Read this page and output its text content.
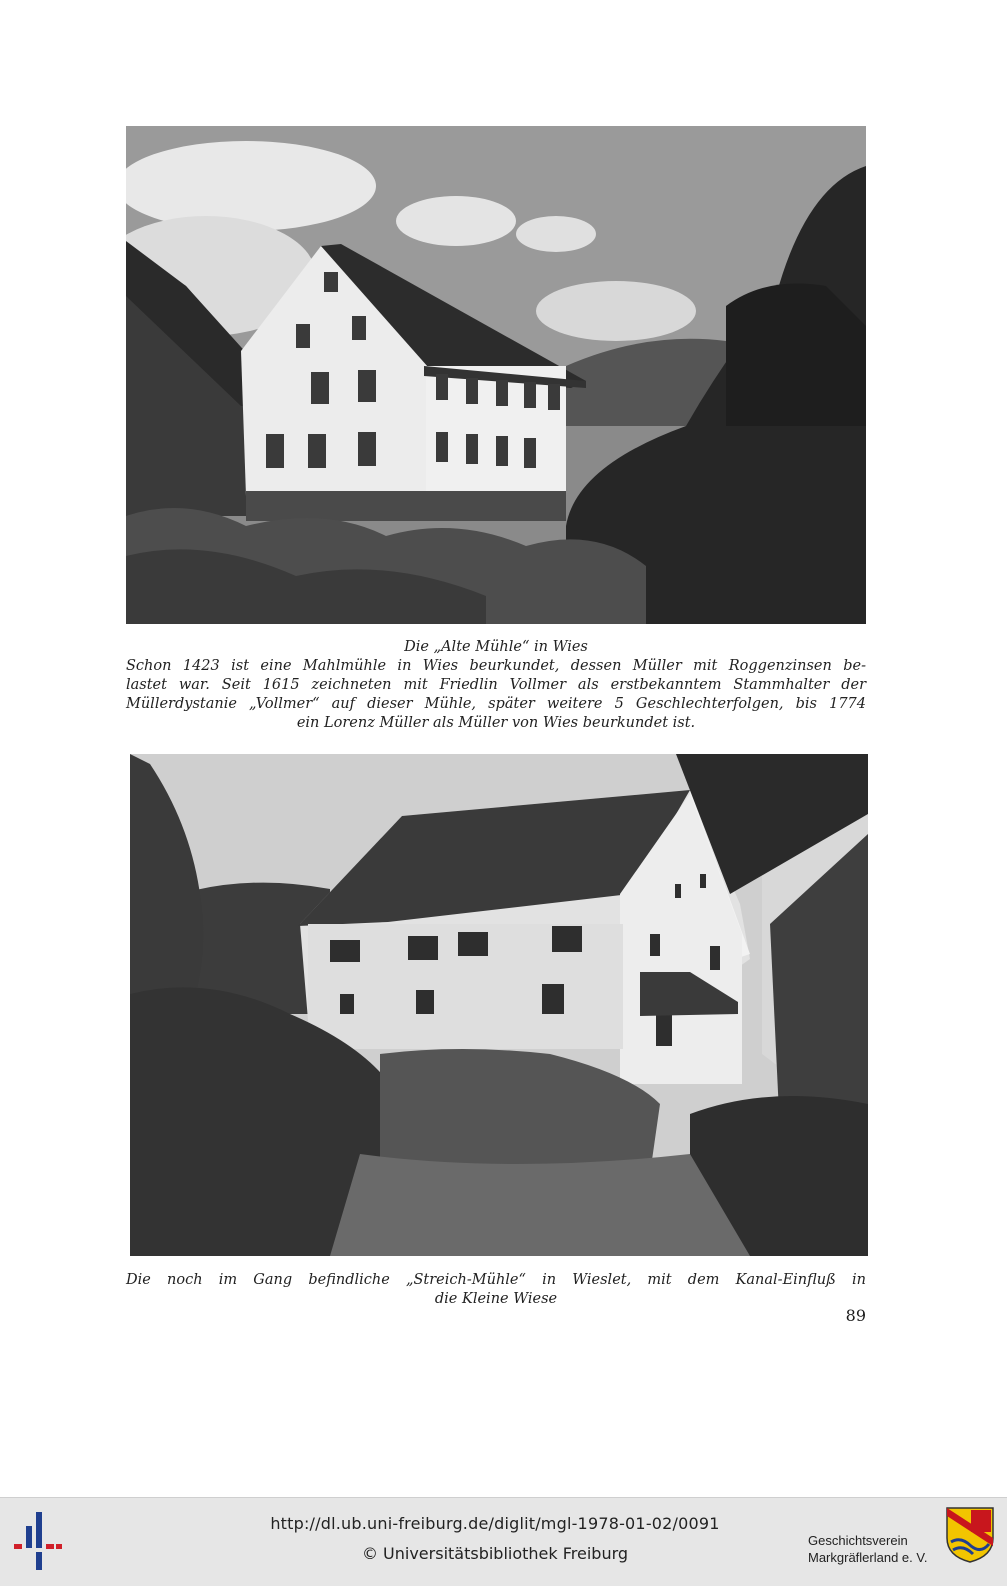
Die „Alte Mühle“ in Wies
Schon 1423 ist eine Mahlmühle in Wies beurkundet, dessen Müller mit Roggenzinsen be-
lastet war. Seit 1615 zeichneten mit Friedlin Vollmer als erstbekanntem Stammhalter der
Müllerdystanie „Vollmer“ auf dieser Mühle, später weitere 5 Geschlechterfolgen, bis 1774
ein Lorenz Müller als Müller von Wies beurkundet ist.
Die noch im Gang befindliche „Streich-Mühle“ in Wieslet, mit dem Kanal-Einfluß in
die Kleine Wiese
89
http://dl.ub.uni-freiburg.de/diglit/mgl-1978-01-02/0091
© Universitätsbibliothek Freiburg
Geschichtsverein
Markgräflerland e. V.
